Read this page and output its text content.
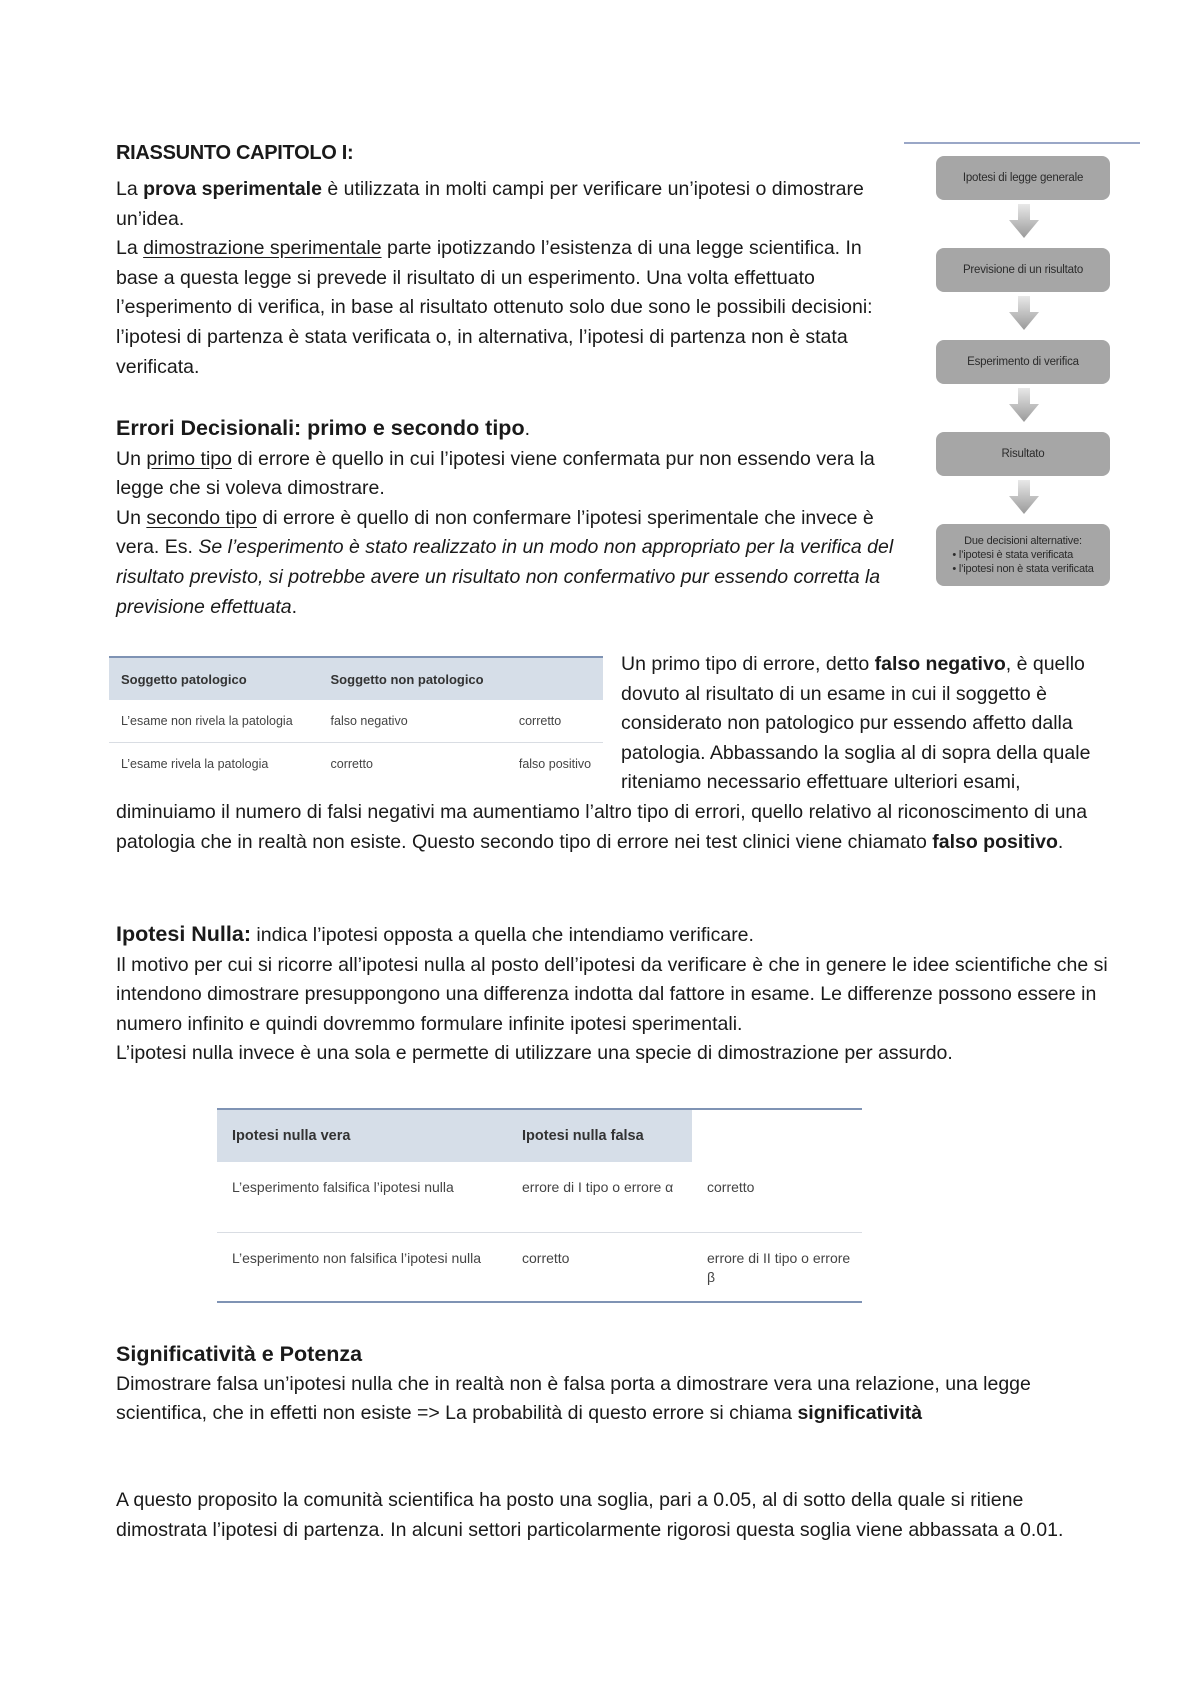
RIASSUNTO CAPITOLO I:
La prova sperimentale è utilizzata in molti campi per verificare un’ipotesi o dimostrare un’idea.
La dimostrazione sperimentale parte ipotizzando l’esistenza di una legge scientifica. In base a questa legge si prevede il risultato di un esperimento. Una volta effettuato l’esperimento di verifica, in base al risultato ottenuto solo due sono le possibili decisioni: l’ipotesi di partenza è stata verificata o, in alternativa, l’ipotesi di partenza non è stata verificata.
Ipotesi di legge generale
Previsione di un risultato
Esperimento di verifica
Risultato
Due decisioni alternative:
• l’ipotesi è stata verificata
• l’ipotesi non è stata verificata
Errori Decisionali: primo e secondo tipo.
Un primo tipo di errore è quello in cui l’ipotesi viene confermata pur non essendo vera la legge che si voleva dimostrare.
Un secondo tipo di errore è quello di non confermare l’ipotesi sperimentale che invece è vera. Es. Se l’esperimento è stato realizzato in un modo non appropriato per la verifica del risultato previsto, si potrebbe avere un risultato non confermativo pur essendo corretta la previsione effettuata.
Soggetto patologico	Soggetto non patologico	
L’esame non rivela la patologia	falso negativo	corretto
L’esame rivela la patologia	corretto	falso positivo
Un primo tipo di errore, detto falso negativo, è quello dovuto al risultato di un esame in cui il soggetto è considerato non patologico pur essendo affetto dalla patologia. Abbassando la soglia al di sopra della quale riteniamo necessario effettuare ulteriori esami, diminuiamo il numero di falsi negativi ma aumentiamo l’altro tipo di errori, quello relativo al riconoscimento di una patologia che in realtà non esiste. Questo secondo tipo di errore nei test clinici viene chiamato falso positivo.
Ipotesi Nulla: indica l’ipotesi opposta a quella che intendiamo verificare.
Il motivo per cui si ricorre all’ipotesi nulla al posto dell’ipotesi da verificare è che in genere le idee scientifiche che si intendono dimostrare presuppongono una differenza indotta dal fattore in esame. Le differenze possono essere in numero infinito e quindi dovremmo formulare infinite ipotesi sperimentali.
L’ipotesi nulla invece è una sola e permette di utilizzare una specie di dimostrazione per assurdo.
Ipotesi nulla vera	Ipotesi nulla falsa	
L’esperimento falsifica l’ipotesi nulla	errore di I tipo o errore α	corretto
L’esperimento non falsifica l’ipotesi nulla	corretto	errore di II tipo o errore β
Significatività e Potenza
Dimostrare falsa un’ipotesi nulla che in realtà non è falsa porta a dimostrare vera una relazione, una legge scientifica, che in effetti non esiste => La probabilità di questo errore si chiama significatività
A questo proposito la comunità scientifica ha posto una soglia, pari a 0.05, al di sotto della quale si ritiene dimostrata l’ipotesi di partenza. In alcuni settori particolarmente rigorosi questa soglia viene abbassata a 0.01.
